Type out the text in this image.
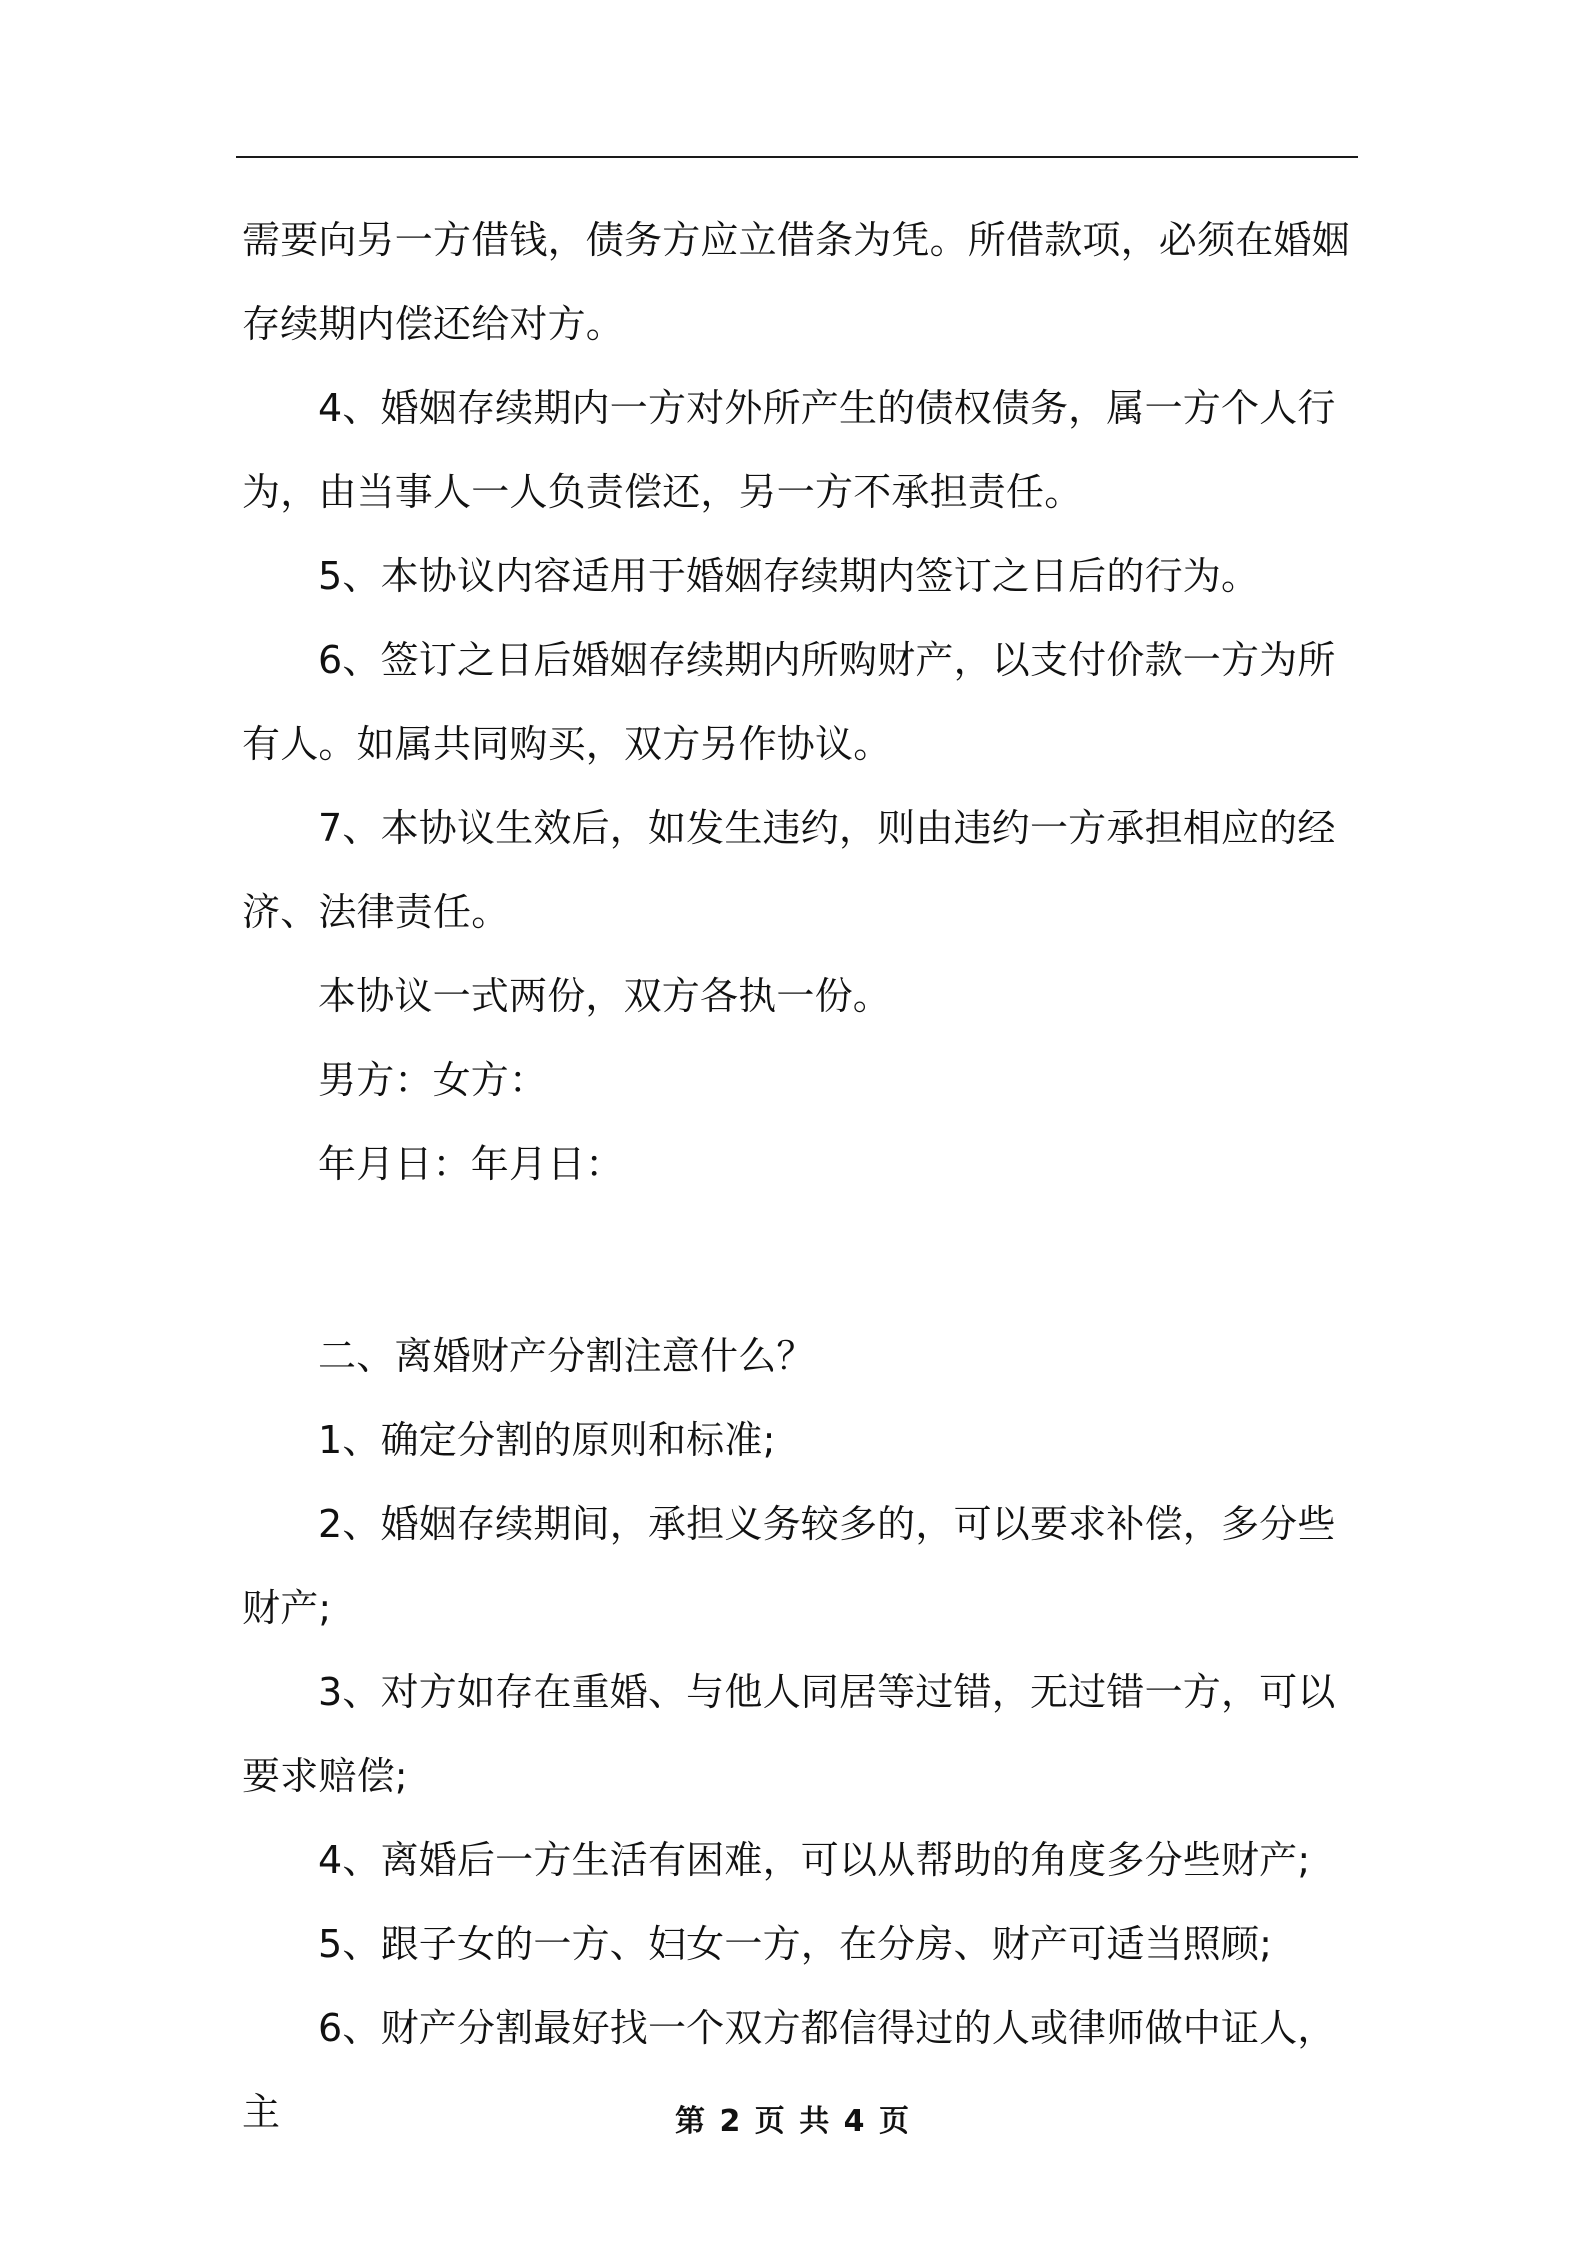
需要向另一方借钱，债务方应立借条为凭。所借款项，必须在婚姻存续期内偿还给对方。

4、婚姻存续期内一方对外所产生的债权债务，属一方个人行为，由当事人一人负责偿还，另一方不承担责任。

5、本协议内容适用于婚姻存续期内签订之日后的行为。

6、签订之日后婚姻存续期内所购财产，以支付价款一方为所有人。如属共同购买，双方另作协议。

7、本协议生效后，如发生违约，则由违约一方承担相应的经济、法律责任。

本协议一式两份，双方各执一份。

男方：女方：

年月日：年月日：

二、离婚财产分割注意什么？

1、确定分割的原则和标准;

2、婚姻存续期间，承担义务较多的，可以要求补偿，多分些财产;

3、对方如存在重婚、与他人同居等过错，无过错一方，可以要求赔偿;

4、离婚后一方生活有困难，可以从帮助的角度多分些财产;

5、跟子女的一方、妇女一方，在分房、财产可适当照顾;

6、财产分割最好找一个双方都信得过的人或律师做中证人，主	第 2 页 共 4 页
